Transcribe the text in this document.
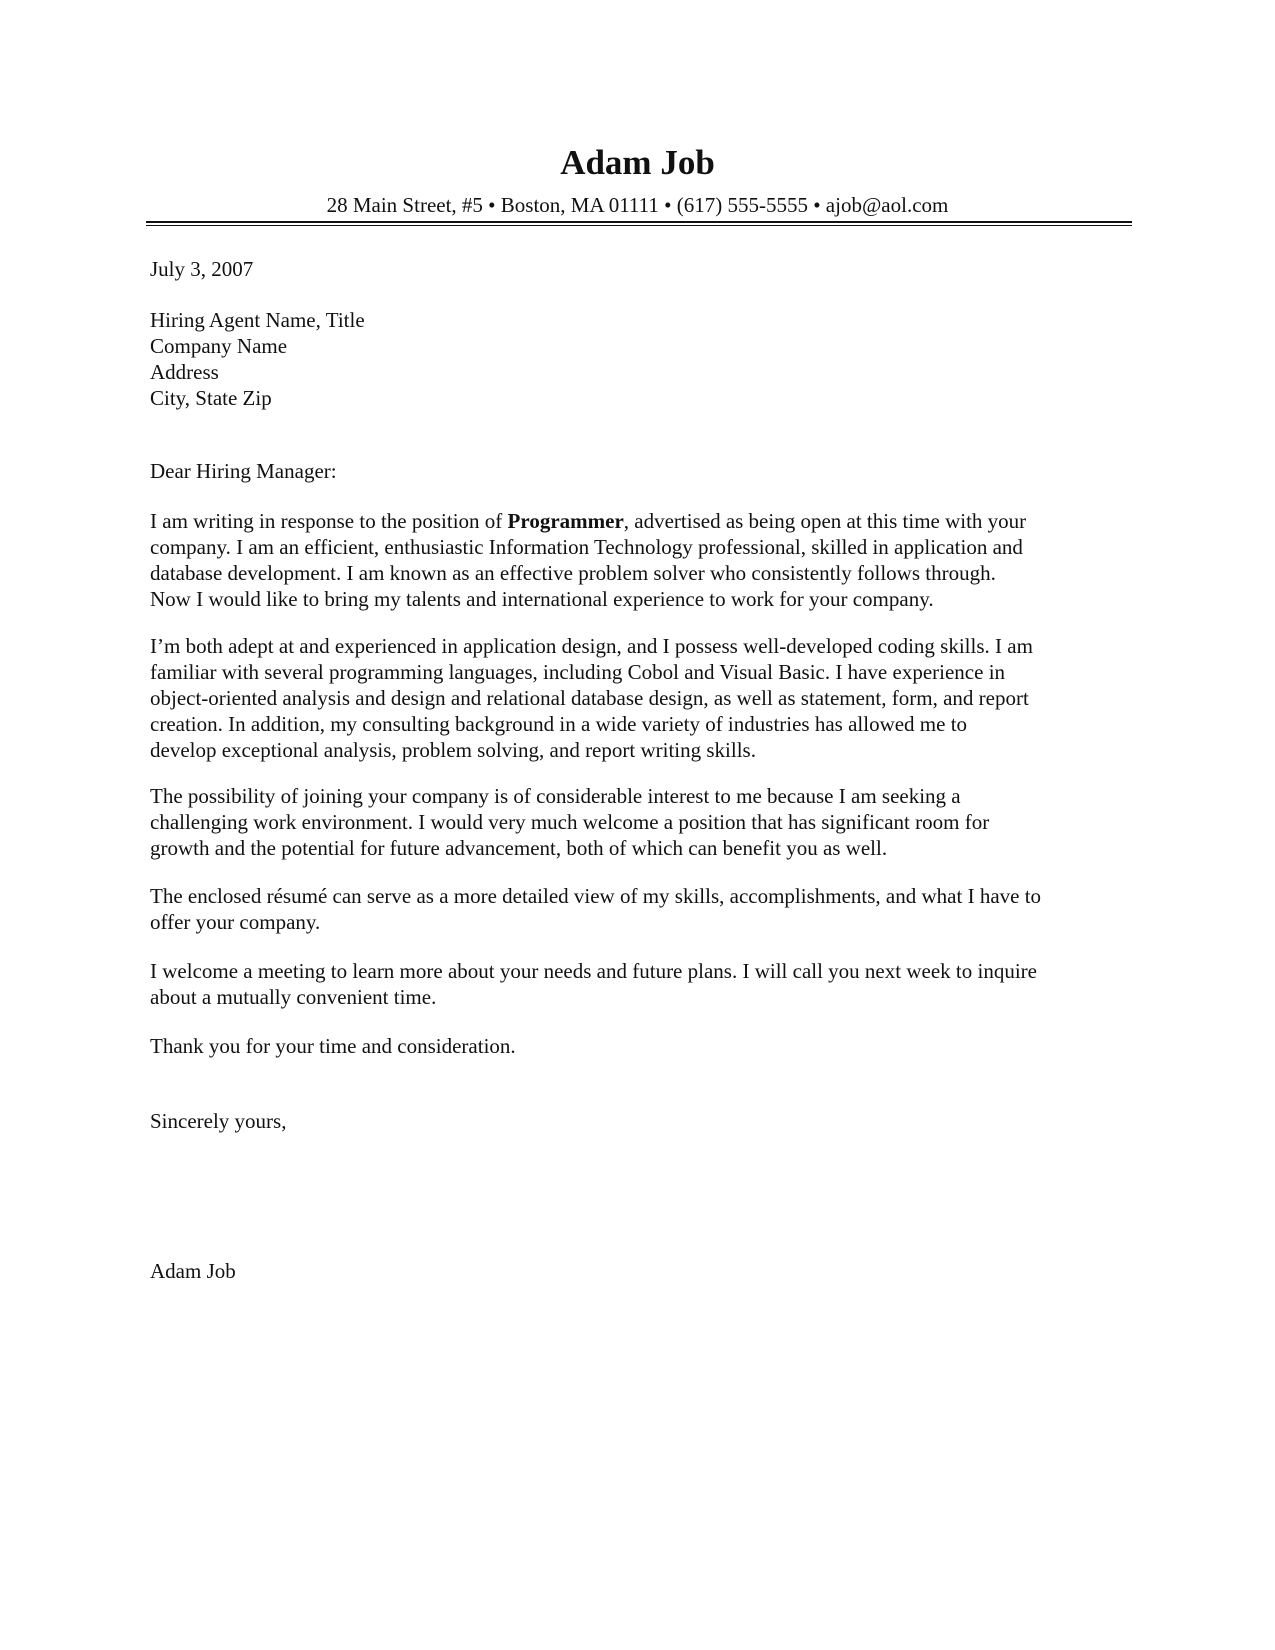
Adam Job
28 Main Street, #5 • Boston, MA 01111 • (617) 555-5555 • ajob@aol.com

July 3, 2007

Hiring Agent Name, Title
Company Name
Address
City, State Zip

Dear Hiring Manager:

I am writing in response to the position of Programmer, advertised as being open at this time with your
company. I am an efficient, enthusiastic Information Technology professional, skilled in application and
database development. I am known as an effective problem solver who consistently follows through.
Now I would like to bring my talents and international experience to work for your company.

I’m both adept at and experienced in application design, and I possess well-developed coding skills. I am
familiar with several programming languages, including Cobol and Visual Basic. I have experience in
object-oriented analysis and design and relational database design, as well as statement, form, and report
creation. In addition, my consulting background in a wide variety of industries has allowed me to
develop exceptional analysis, problem solving, and report writing skills.

The possibility of joining your company is of considerable interest to me because I am seeking a
challenging work environment. I would very much welcome a position that has significant room for
growth and the potential for future advancement, both of which can benefit you as well.

The enclosed résumé can serve as a more detailed view of my skills, accomplishments, and what I have to
offer your company.

I welcome a meeting to learn more about your needs and future plans. I will call you next week to inquire
about a mutually convenient time.

Thank you for your time and consideration.

Sincerely yours,

Adam Job
